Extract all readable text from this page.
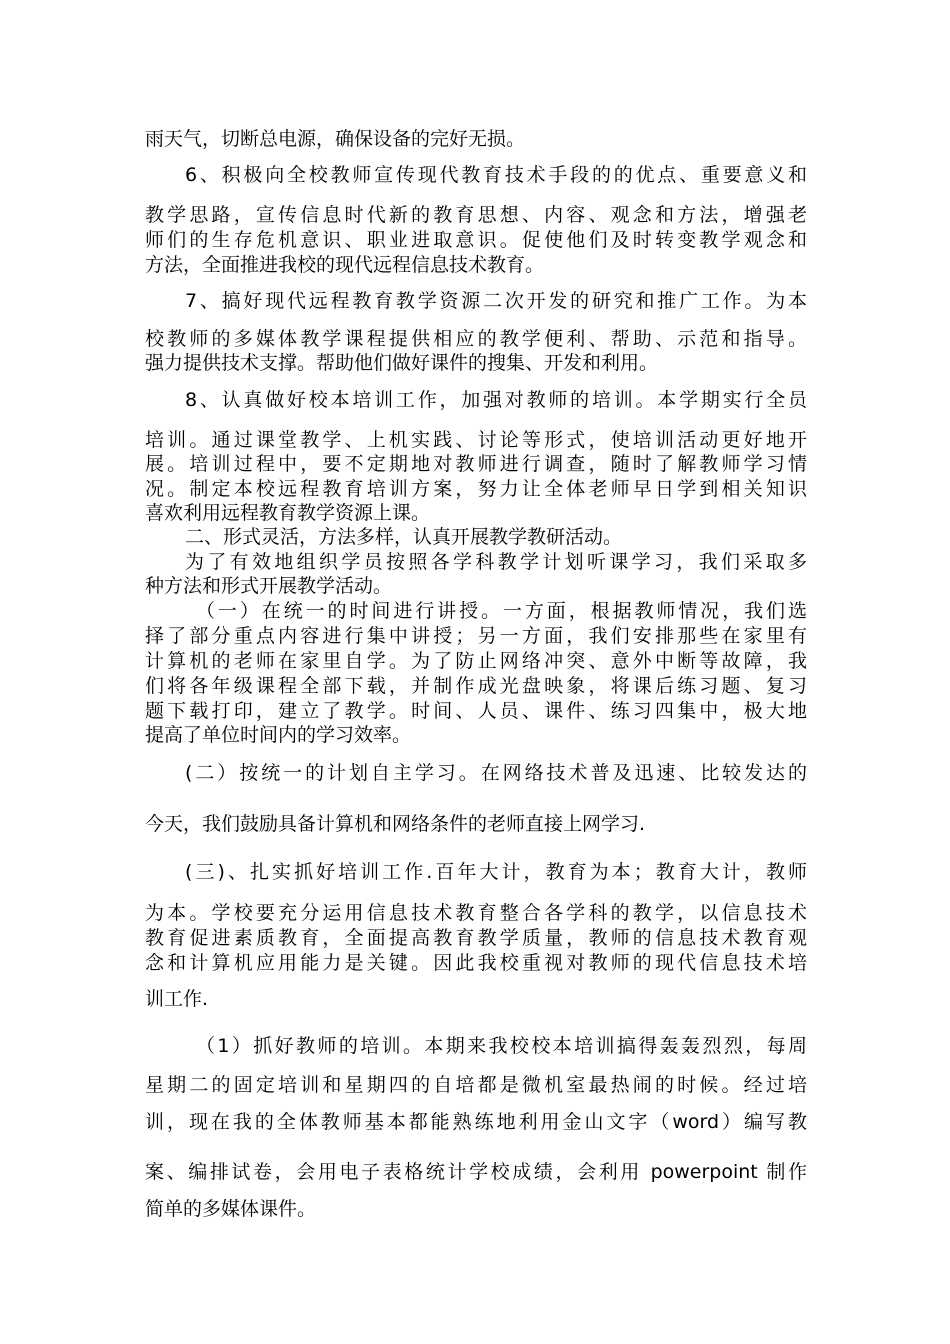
雨天气，切断总电源，确保设备的完好无损。
6、积极向全校教师宣传现代教育技术手段的的优点、重要意义和
教学思路，宣传信息时代新的教育思想、内容、观念和方法，增强老
师们的生存危机意识、职业进取意识。促使他们及时转变教学观念和
方法，全面推进我校的现代远程信息技术教育。
7、搞好现代远程教育教学资源二次开发的研究和推广工作。为本
校教师的多媒体教学课程提供相应的教学便利、帮助、示范和指导。
强力提供技术支撑。帮助他们做好课件的搜集、开发和利用。
8、认真做好校本培训工作，加强对教师的培训。本学期实行全员
培训。通过课堂教学、上机实践、讨论等形式，使培训活动更好地开
展。培训过程中，要不定期地对教师进行调查，随时了解教师学习情
况。制定本校远程教育培训方案，努力让全体老师早日学到相关知识
喜欢利用远程教育教学资源上课。
二、形式灵活，方法多样，认真开展教学教研活动。
为了有效地组织学员按照各学科教学计划听课学习，我们采取多
种方法和形式开展教学活动。
（一）在统一的时间进行讲授。一方面，根据教师情况，我们选
择了部分重点内容进行集中讲授；另一方面，我们安排那些在家里有
计算机的老师在家里自学。为了防止网络冲突、意外中断等故障，我
们将各年级课程全部下载，并制作成光盘映象，将课后练习题、复习
题下载打印，建立了教学。时间、人员、课件、练习四集中，极大地
提高了单位时间内的学习效率。
(二）按统一的计划自主学习。在网络技术普及迅速、比较发达的
今天，我们鼓励具备计算机和网络条件的老师直接上网学习.
(三)、扎实抓好培训工作.百年大计，教育为本；教育大计，教师
为本。学校要充分运用信息技术教育整合各学科的教学，以信息技术
教育促进素质教育，全面提高教育教学质量，教师的信息技术教育观
念和计算机应用能力是关键。因此我校重视对教师的现代信息技术培
训工作.
（1）抓好教师的培训。本期来我校校本培训搞得轰轰烈烈，每周
星期二的固定培训和星期四的自培都是微机室最热闹的时候。经过培
训，现在我的全体教师基本都能熟练地利用金山文字（word）编写教
案、编排试卷，会用电子表格统计学校成绩，会利用 powerpoint 制作
简单的多媒体课件。
